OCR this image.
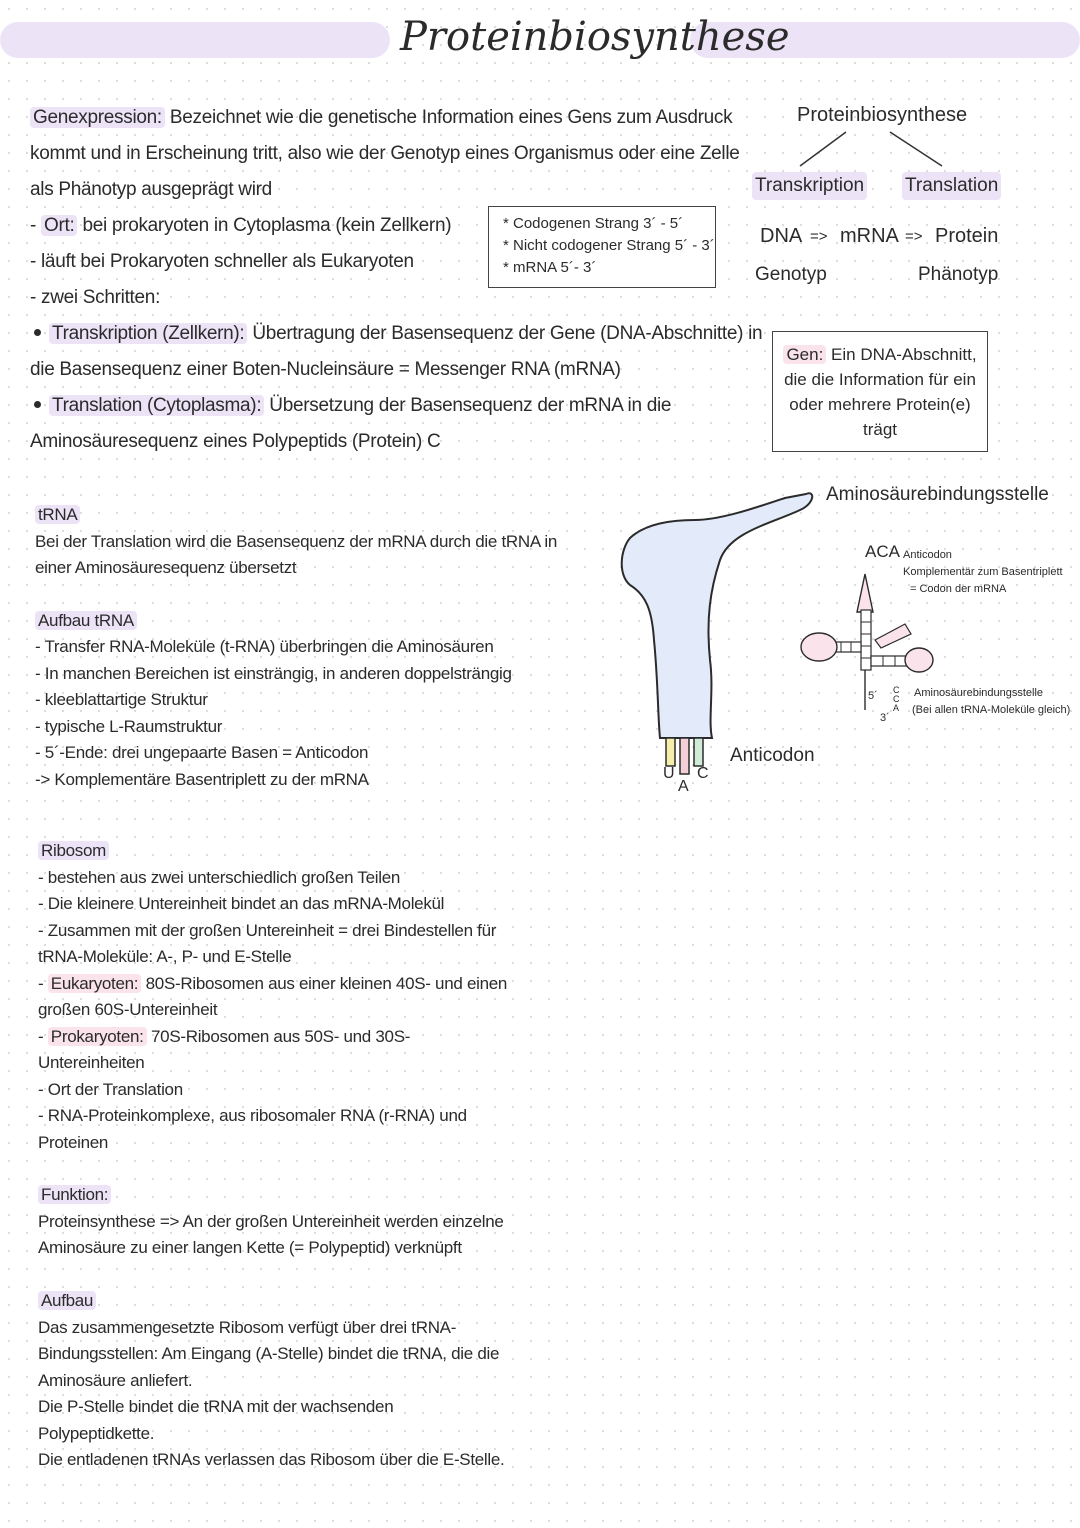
Proteinbiosynthese
Genexpression: Bezeichnet wie die genetische Information eines Gens zum Ausdruck
kommt und in Erscheinung tritt, also wie der Genotyp eines Organismus oder eine Zelle
als Phänotyp ausgeprägt wird
- Ort: bei prokaryoten in Cytoplasma (kein Zellkern)
- läuft bei Prokaryoten schneller als Eukaryoten
- zwei Schritten:
Transkription (Zellkern): Übertragung der Basensequenz der Gene (DNA-Abschnitte) in
die Basensequenz einer Boten-Nucleinsäure = Messenger RNA (mRNA)
Translation (Cytoplasma): Übersetzung der Basensequenz der mRNA in die
Aminosäuresequenz eines Polypeptids (Protein) C
* Codogenen Strang 3´ - 5´
* Nicht codogener Strang 5´ - 3´
* mRNA 5´- 3´
Proteinbiosynthese
Transkription Translation
DNA => mRNA => Protein
Genotyp	Phänotyp
Gen: Ein DNA-Abschnitt,
die die Information für ein
oder mehrere Protein(e)
trägt
tRNA
Bei der Translation wird die Basensequenz der mRNA durch die tRNA in
einer Aminosäuresequenz übersetzt
Aufbau tRNA
- Transfer RNA-Moleküle (t-RNA) überbringen die Aminosäuren
- In manchen Bereichen ist einsträngig, in anderen doppelsträngig
- kleeblattartige Struktur
- typische L-Raumstruktur
- 5´-Ende: drei ungepaarte Basen = Anticodon
-> Komplementäre Basentriplett zu der mRNA	U
A
C
Anticodon
Aminosäurebindungsstelle
ACA Anticodon
Komplementär zum Basentriplett
= Codon der mRNA
5´
3´
C
C
A
Aminosäurebindungsstelle
(Bei allen tRNA-Moleküle gleich)
Ribosom
- bestehen aus zwei unterschiedlich großen Teilen
- Die kleinere Untereinheit bindet an das mRNA-Molekül
- Zusammen mit der großen Untereinheit = drei Bindestellen für
tRNA-Moleküle: A-, P- und E-Stelle
- Eukaryoten: 80S-Ribosomen aus einer kleinen 40S- und einen
großen 60S-Untereinheit
- Prokaryoten: 70S-Ribosomen aus 50S- und 30S-
Untereinheiten
- Ort der Translation
- RNA-Proteinkomplexe, aus ribosomaler RNA (r-RNA) und
Proteinen
Funktion:
Proteinsynthese => An der großen Untereinheit werden einzelne
Aminosäure zu einer langen Kette (= Polypeptid) verknüpft
Aufbau
Das zusammengesetzte Ribosom verfügt über drei tRNA-
Bindungsstellen: Am Eingang (A-Stelle) bindet die tRNA, die die
Aminosäure anliefert.
Die P-Stelle bindet die tRNA mit der wachsenden
Polypeptidkette.
Die entladenen tRNAs verlassen das Ribosom über die E-Stelle.
